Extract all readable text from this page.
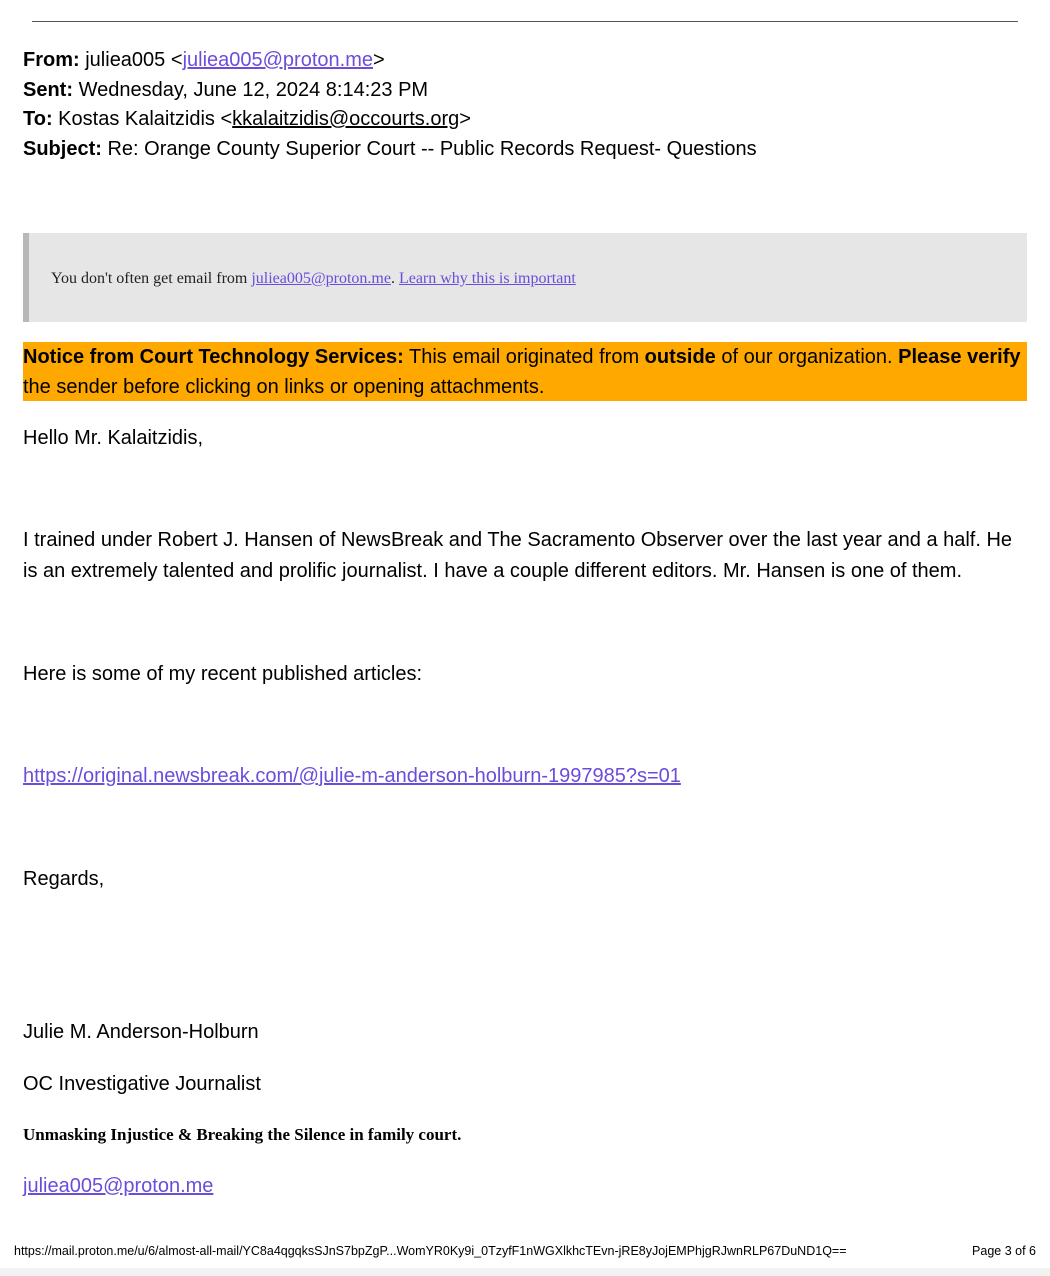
From: juliea005 <juliea005@proton.me>
Sent: Wednesday, June 12, 2024 8:14:23 PM
To: Kostas Kalaitzidis <kkalaitzidis@occourts.org>
Subject: Re: Orange County Superior Court -- Public Records Request- Questions
You don't often get email from juliea005@proton.me. Learn why this is important
Notice from Court Technology Services: This email originated from outside of our organization. Please verify the sender before clicking on links or opening attachments.
Hello Mr. Kalaitzidis,
I trained under Robert J. Hansen of NewsBreak and The Sacramento Observer over the last year and a half. He
is an extremely talented and prolific journalist. I have a couple different editors. Mr. Hansen is one of them.
Here is some of my recent published articles:
https://original.newsbreak.com/@julie-m-anderson-holburn-1997985?s=01
Regards,
Julie M. Anderson-Holburn
OC Investigative Journalist
Unmasking Injustice & Breaking the Silence in family court.
juliea005@proton.me
https://mail.proton.me/u/6/almost-all-mail/YC8a4qgqksSJnS7bpZgP...WomYR0Ky9i_0TzyfF1nWGXlkhcTEvn-jRE8yJojEMPhjgRJwnRLP67DuND1Q==	Page 3 of 6
